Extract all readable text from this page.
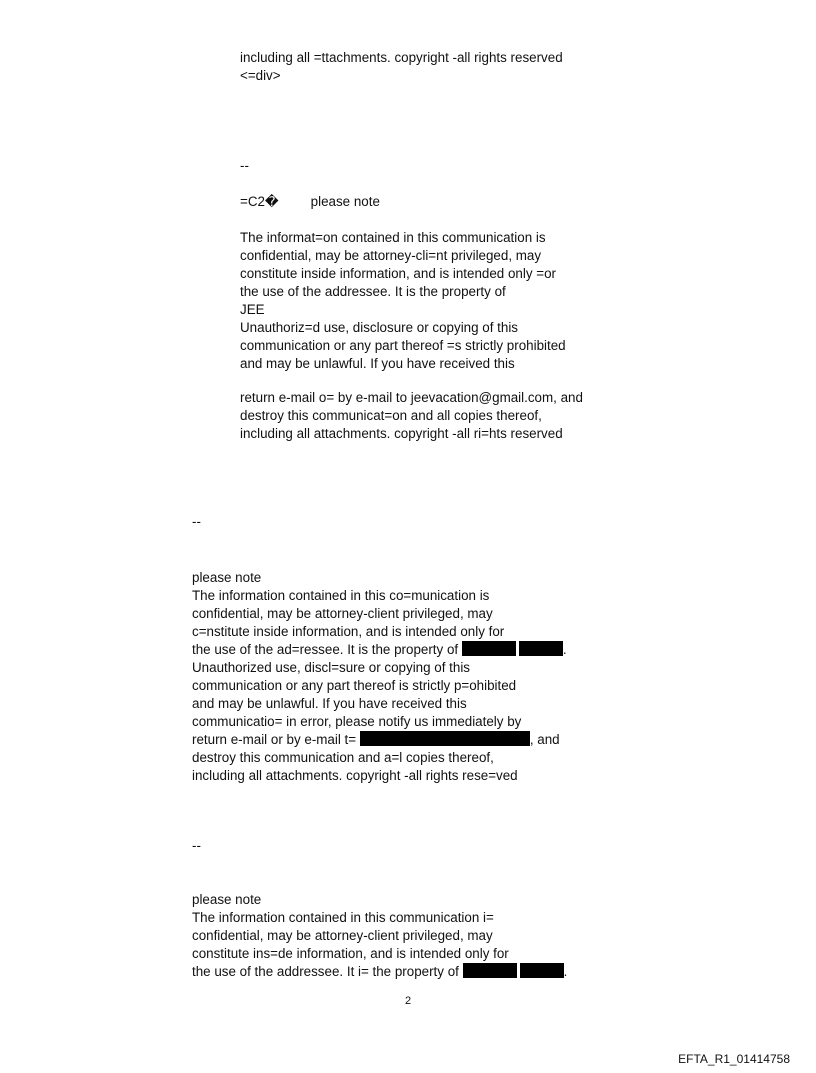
including all =ttachments. copyright -all rights reserved
<=div>
--
=C2� please note
The informat=on contained in this communication is
confidential, may be attorney-cli=nt privileged, may
constitute inside information, and is intended only =or
the use of the addressee. It is the property of
JEE
Unauthoriz=d use, disclosure or copying of this
communication or any part thereof =s strictly prohibited
and may be unlawful. If you have received this
return e-mail o= by e-mail to jeevacation@gmail.com, and
destroy this communicat=on and all copies thereof,
including all attachments. copyright -all ri=hts reserved
--
please note
The information contained in this co=munication is
confidential, may be attorney-client privileged, may
c=nstitute inside information, and is intended only for
the use of the ad=ressee. It is the property of	.
Unauthorized use, discl=sure or copying of this
communication or any part thereof is strictly p=ohibited
and may be unlawful. If you have received this
communicatio= in error, please notify us immediately by
return e-mail or by e-mail t=	, and
destroy this communication and a=l copies thereof,
including all attachments. copyright -all rights rese=ved
--
please note
The information contained in this communication i=
confidential, may be attorney-client privileged, may
constitute ins=de information, and is intended only for
the use of the addressee. It i= the property of	.
2
EFTA_R1_01414758
